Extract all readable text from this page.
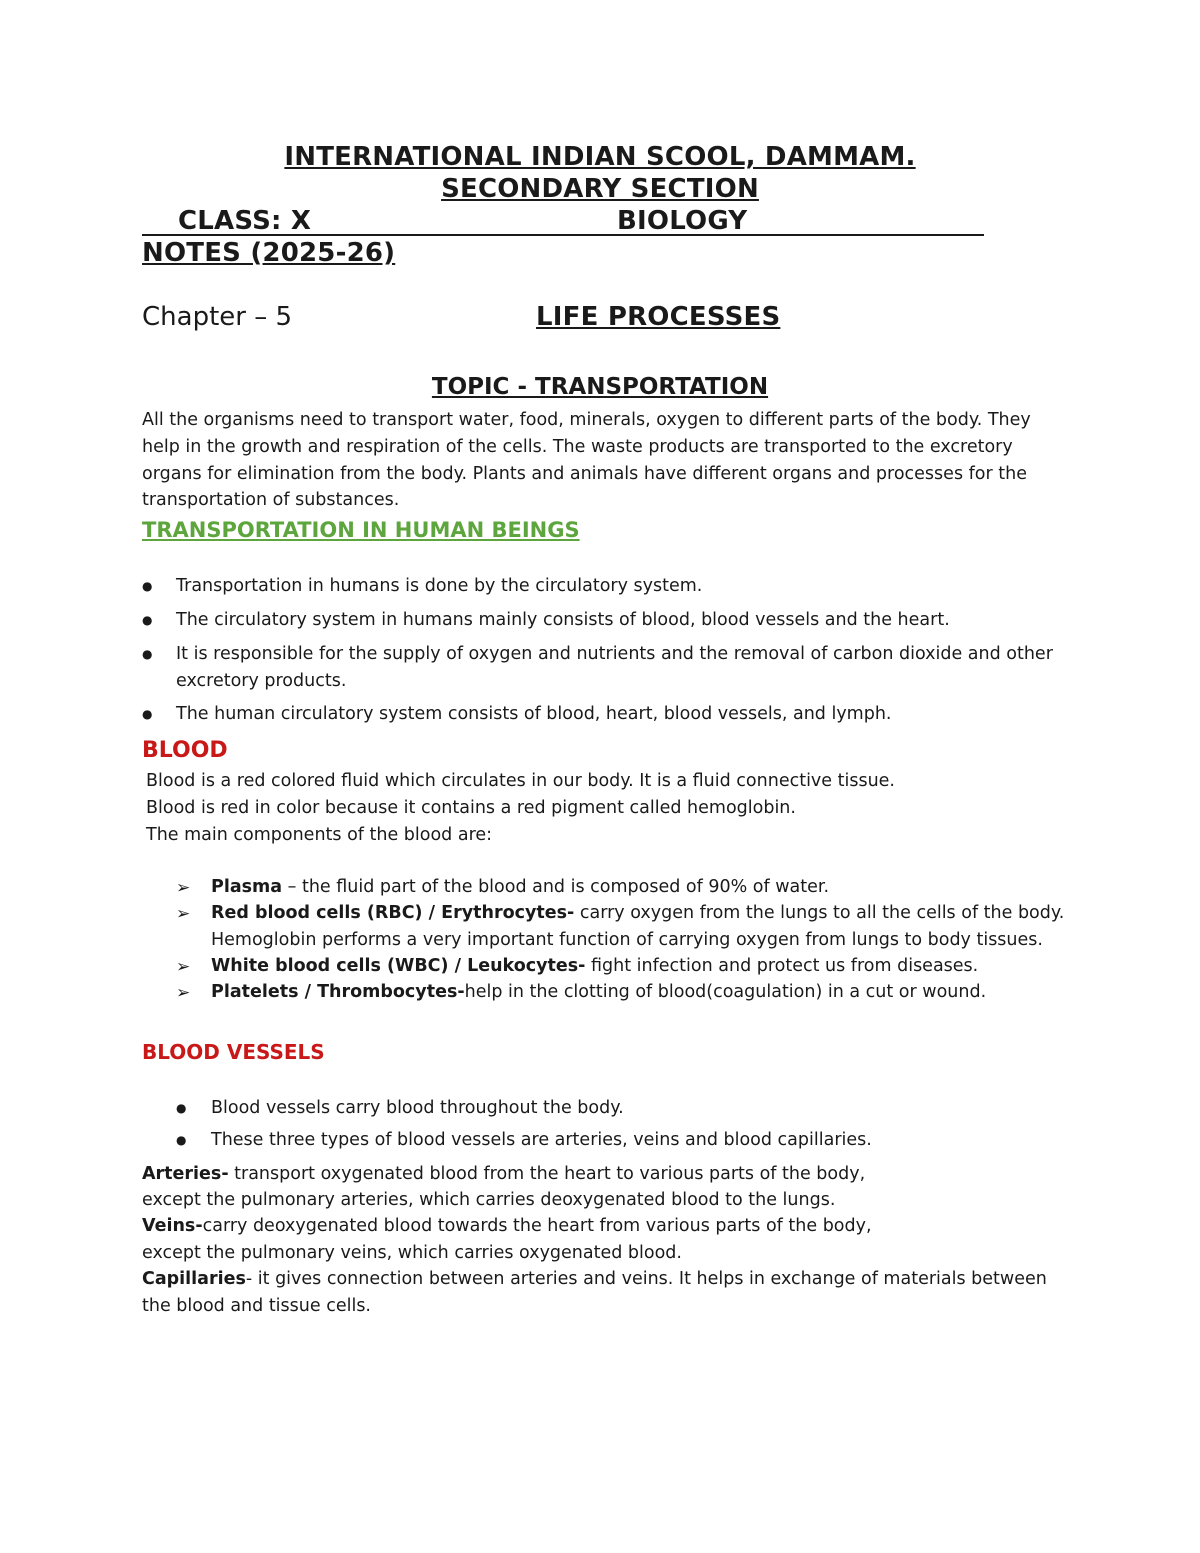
INTERNATIONAL INDIAN SCOOL, DAMMAM.
SECONDARY SECTION
CLASS: X	BIOLOGY
NOTES (2025-26)
Chapter – 5	LIFE PROCESSES
TOPIC - TRANSPORTATION
All the organisms need to transport water, food, minerals, oxygen to different parts of the body. They
help in the growth and respiration of the cells. The waste products are transported to the excretory
organs for elimination from the body. Plants and animals have different organs and processes for the
transportation of substances.
TRANSPORTATION IN HUMAN BEINGS
● Transportation in humans is done by the circulatory system.
● The circulatory system in humans mainly consists of blood, blood vessels and the heart.
● It is responsible for the supply of oxygen and nutrients and the removal of carbon dioxide and other
excretory products.
● The human circulatory system consists of blood, heart, blood vessels, and lymph.
BLOOD
Blood is a red colored fluid which circulates in our body. It is a fluid connective tissue.
Blood is red in color because it contains a red pigment called hemoglobin.
The main components of the blood are:
➢ Plasma – the fluid part of the blood and is composed of 90% of water.
➢ Red blood cells (RBC) / Erythrocytes- carry oxygen from the lungs to all the cells of the body.
Hemoglobin performs a very important function of carrying oxygen from lungs to body tissues.
➢ White blood cells (WBC) / Leukocytes- fight infection and protect us from diseases.
➢ Platelets / Thrombocytes-help in the clotting of blood(coagulation) in a cut or wound.
BLOOD VESSELS
● Blood vessels carry blood throughout the body.
● These three types of blood vessels are arteries, veins and blood capillaries.
Arteries- transport oxygenated blood from the heart to various parts of the body,
except the pulmonary arteries, which carries deoxygenated blood to the lungs.
Veins-carry deoxygenated blood towards the heart from various parts of the body,
except the pulmonary veins, which carries oxygenated blood.
Capillaries- it gives connection between arteries and veins. It helps in exchange of materials between
the blood and tissue cells.
